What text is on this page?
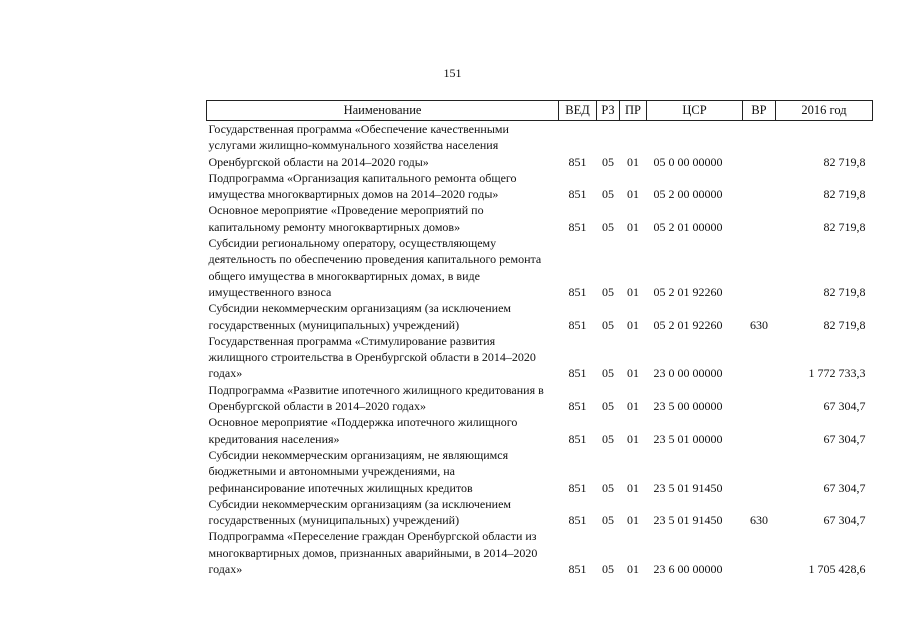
151
Наименование	ВЕД	РЗ	ПР	ЦСР	ВР	2016 год
Государственная программа «Обеспечение качественными услугами жилищно-коммунального хозяйства населения Оренбургской области на 2014–2020 годы»	851	05	01	05 0 00 00000		82 719,8
Подпрограмма «Организация капитального ремонта общего имущества многоквартирных домов на 2014–2020 годы»	851	05	01	05 2 00 00000		82 719,8
Основное мероприятие «Проведение мероприятий по капитальному ремонту многоквартирных домов»	851	05	01	05 2 01 00000		82 719,8
Субсидии региональному оператору, осуществляющему деятельность по обеспечению проведения капитального ремонта общего имущества в многоквартирных домах, в виде имущественного взноса	851	05	01	05 2 01 92260		82 719,8
Субсидии некоммерческим организациям (за исключением государственных (муниципальных) учреждений)	851	05	01	05 2 01 92260	630	82 719,8
Государственная программа «Стимулирование развития жилищного строительства в Оренбургской области в 2014–2020 годах»	851	05	01	23 0 00 00000		1 772 733,3
Подпрограмма «Развитие ипотечного жилищного кредитования в Оренбургской области в 2014–2020 годах»	851	05	01	23 5 00 00000		67 304,7
Основное мероприятие «Поддержка ипотечного жилищного кредитования населения»	851	05	01	23 5 01 00000		67 304,7
Субсидии некоммерческим организациям, не являющимся бюджетными и автономными учреждениями, на рефинансирование ипотечных жилищных кредитов	851	05	01	23 5 01 91450		67 304,7
Субсидии некоммерческим организациям (за исключением государственных (муниципальных) учреждений)	851	05	01	23 5 01 91450	630	67 304,7
Подпрограмма «Переселение граждан Оренбургской области из многоквартирных домов, признанных аварийными, в 2014–2020 годах»	851	05	01	23 6 00 00000		1 705 428,6
